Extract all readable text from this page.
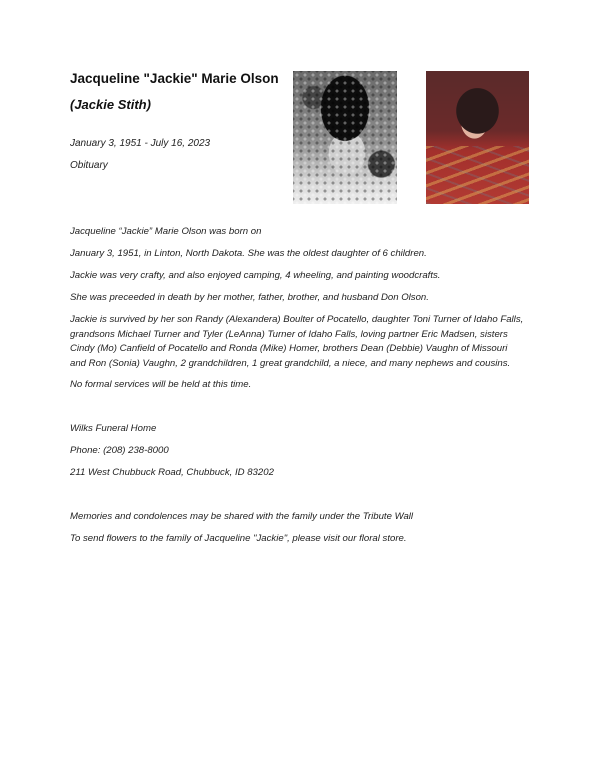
Jacqueline "Jackie" Marie Olson
(Jackie Stith)
January 3, 1951 - July 16, 2023
Obituary
Jacqueline “Jackie” Marie Olson was born on
January 3, 1951, in Linton, North Dakota. She was the oldest daughter of 6 children.
Jackie was very crafty, and also enjoyed camping, 4 wheeling, and painting woodcrafts.
She was preceeded in death by her mother, father, brother, and husband Don Olson.
Jackie is survived by her son Randy (Alexandera) Boulter of Pocatello, daughter Toni Turner of Idaho Falls,
grandsons Michael Turner and Tyler (LeAnna) Turner of Idaho Falls, loving partner Eric Madsen, sisters
Cindy (Mo) Canfield of Pocatello and Ronda (Mike) Homer, brothers Dean (Debbie) Vaughn of Missouri
and Ron (Sonia) Vaughn, 2 grandchildren, 1 great grandchild, a niece, and many nephews and cousins.
No formal services will be held at this time.
Wilks Funeral Home
Phone: (208) 238-8000
211 West Chubbuck Road, Chubbuck, ID 83202
Memories and condolences may be shared with the family under the Tribute Wall
To send flowers to the family of Jacqueline "Jackie", please visit our floral store.
